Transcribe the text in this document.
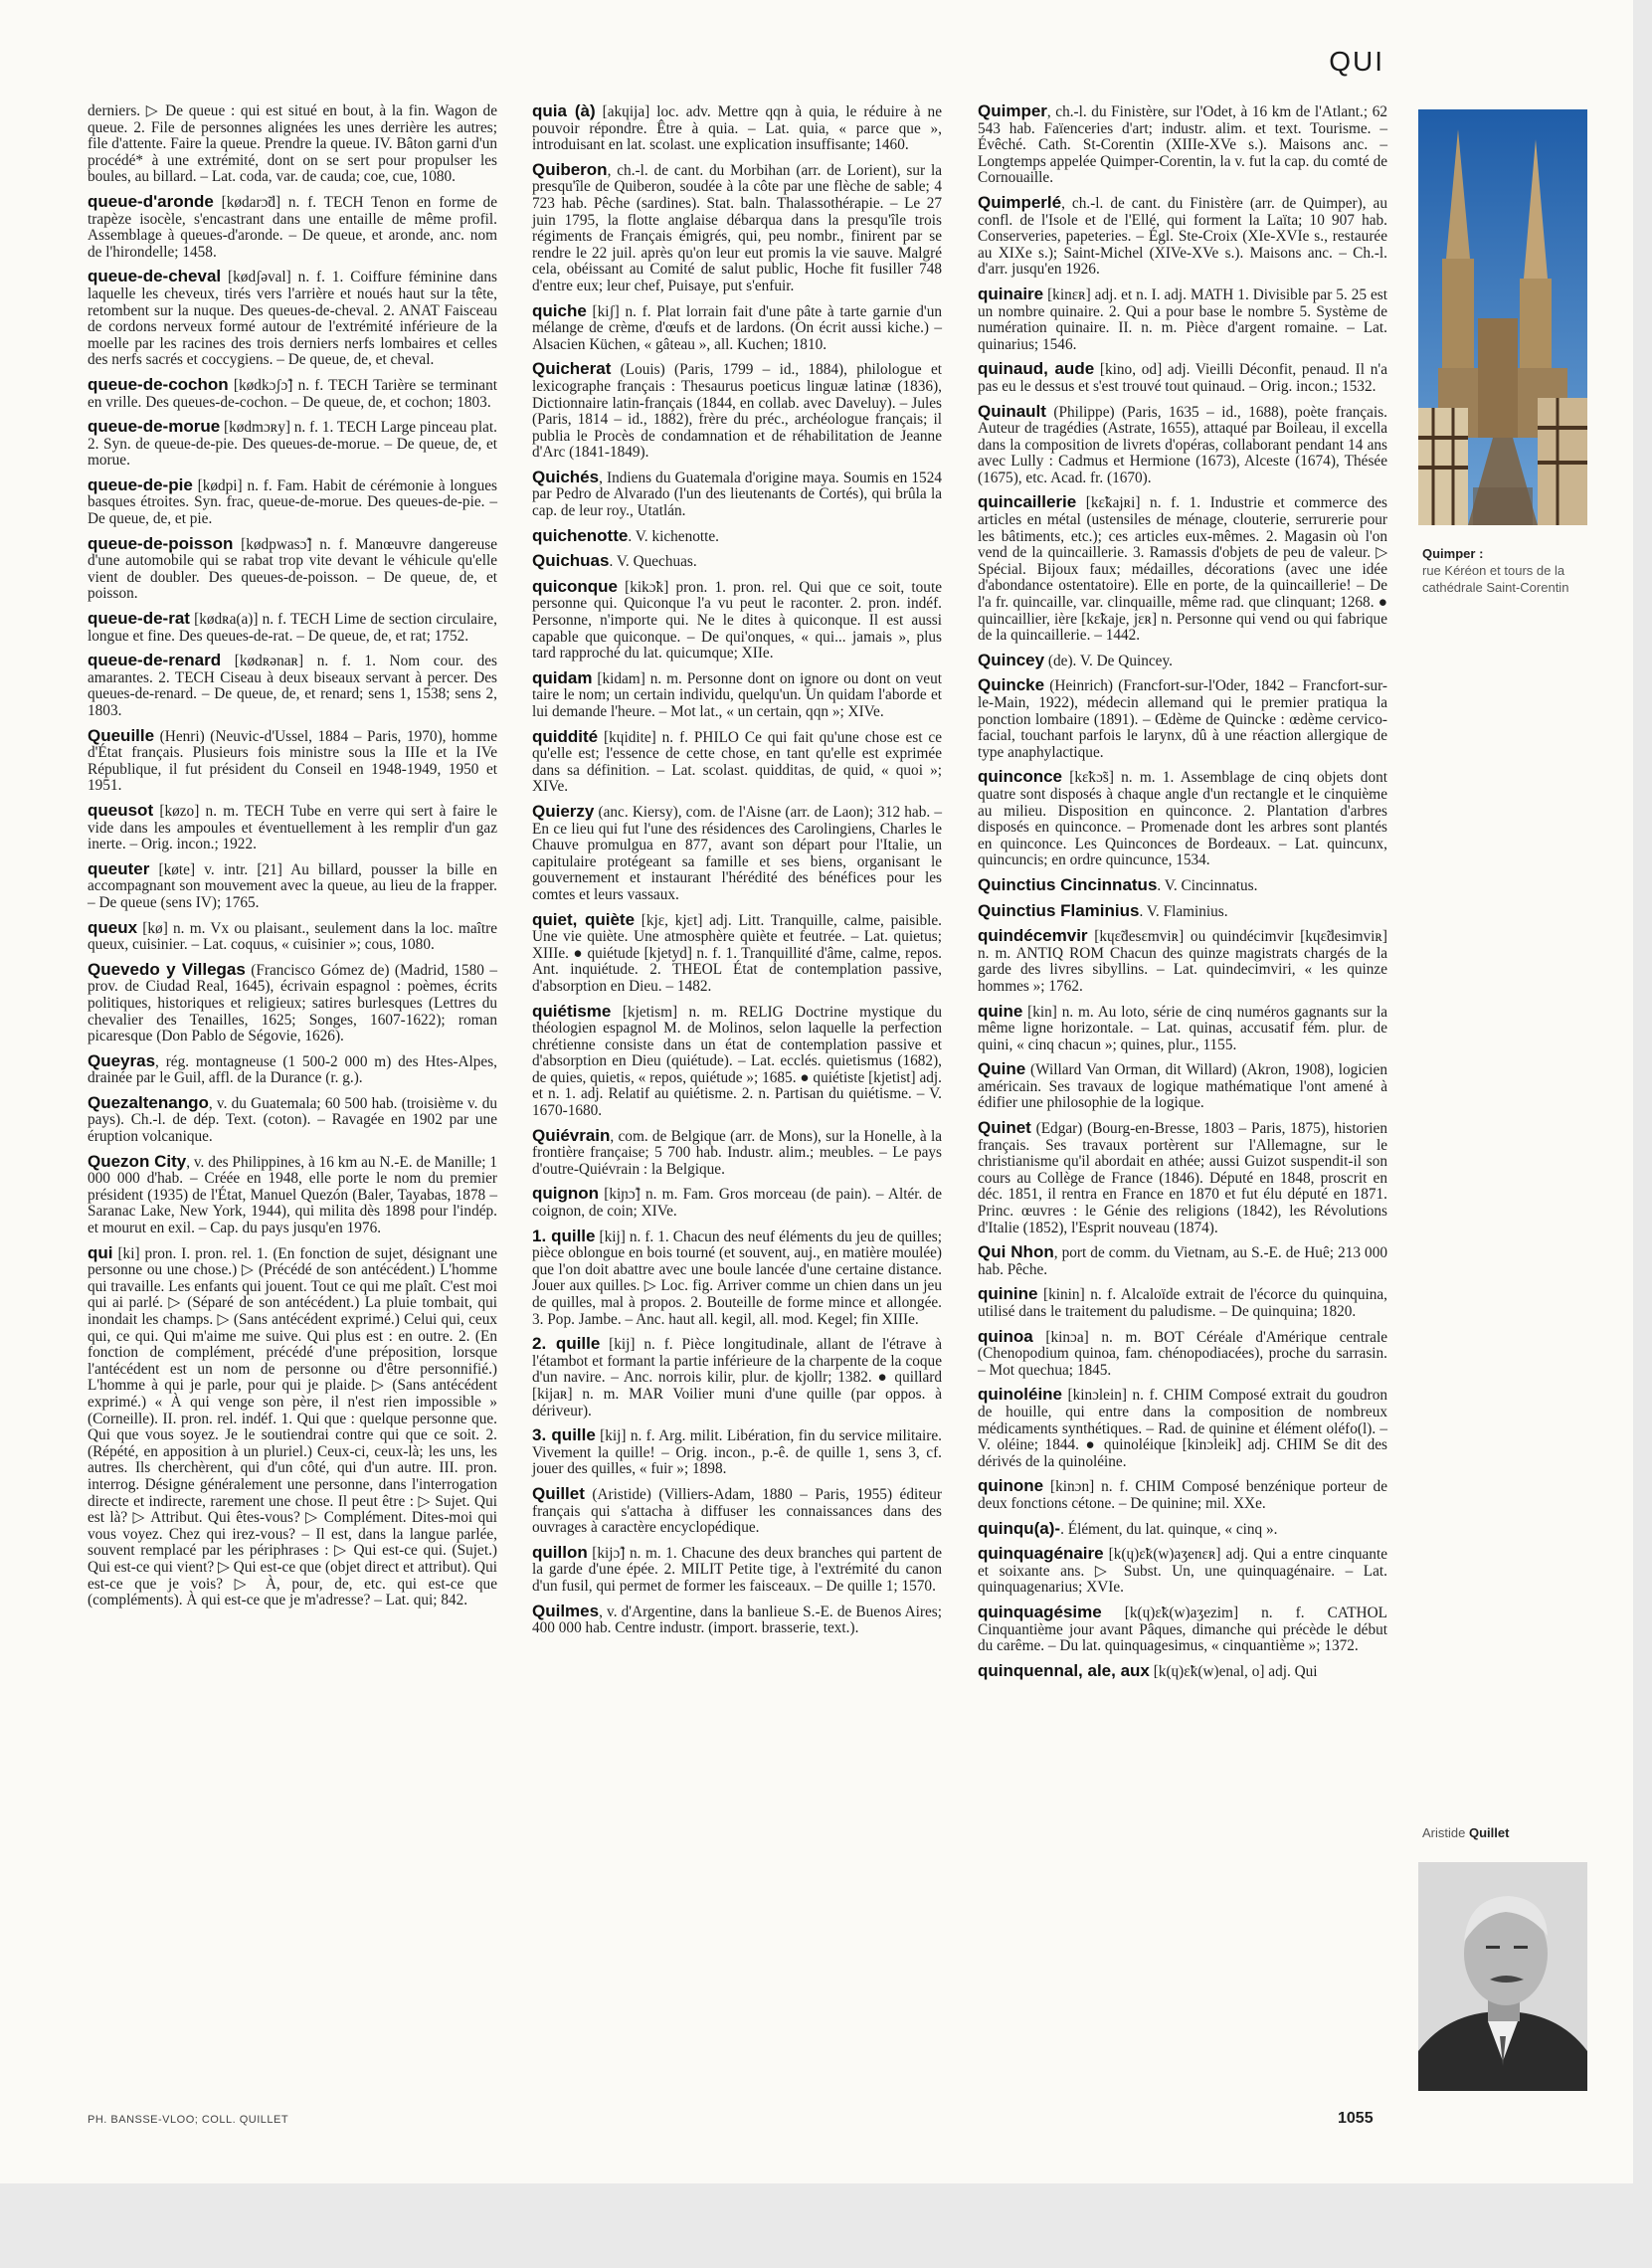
QUI

derniers. ▷ De queue : qui est situé en bout, à la fin. Wagon de queue. 2. File de personnes alignées les unes derrière les autres; file d'attente. Faire la queue. Prendre la queue. IV. Bâton garni d'un procédé* à une extrémité, dont on se sert pour propulser les boules, au billard. – Lat. coda, var. de cauda; coe, cue, 1080.

queue-d'aronde [kødarɔ̃d] n. f. TECH Tenon en forme de trapèze isocèle, s'encastrant dans une entaille de même profil. Assemblage à queues-d'aronde. – De queue, et aronde, anc. nom de l'hirondelle; 1458.

queue-de-cheval [kødʃəval] n. f. 1. Coiffure féminine dans laquelle les cheveux, tirés vers l'arrière et noués haut sur la tête, retombent sur la nuque. Des queues-de-cheval. 2. ANAT Faisceau de cordons nerveux formé autour de l'extrémité inférieure de la moelle par les racines des trois derniers nerfs lombaires et celles des nerfs sacrés et coccygiens. – De queue, de, et cheval.

queue-de-cochon [kødkɔʃɔ̃] n. f. TECH Tarière se terminant en vrille. Des queues-de-cochon. – De queue, de, et cochon; 1803.

queue-de-morue [kødmɔʀy] n. f. 1. TECH Large pinceau plat. 2. Syn. de queue-de-pie. Des queues-de-morue. – De queue, de, et morue.

queue-de-pie [kødpi] n. f. Fam. Habit de cérémonie à longues basques étroites. Syn. frac, queue-de-morue. Des queues-de-pie. – De queue, de, et pie.

queue-de-poisson [kødpwasɔ̃] n. f. Manœuvre dangereuse d'une automobile qui se rabat trop vite devant le véhicule qu'elle vient de doubler. Des queues-de-poisson. – De queue, de, et poisson.

queue-de-rat [kødʀa(a)] n. f. TECH Lime de section circulaire, longue et fine. Des queues-de-rat. – De queue, de, et rat; 1752.

queue-de-renard [kødʀənaʀ] n. f. 1. Nom cour. des amarantes. 2. TECH Ciseau à deux biseaux servant à percer. Des queues-de-renard. – De queue, de, et renard; sens 1, 1538; sens 2, 1803.

Queuille (Henri) (Neuvic-d'Ussel, 1884 – Paris, 1970), homme d'État français. Plusieurs fois ministre sous la IIIe et la IVe République, il fut président du Conseil en 1948-1949, 1950 et 1951.

queusot [køzo] n. m. TECH Tube en verre qui sert à faire le vide dans les ampoules et éventuellement à les remplir d'un gaz inerte. – Orig. incon.; 1922.

queuter [køte] v. intr. [21] Au billard, pousser la bille en accompagnant son mouvement avec la queue, au lieu de la frapper. – De queue (sens IV); 1765.

queux [kø] n. m. Vx ou plaisant., seulement dans la loc. maître queux, cuisinier. – Lat. coquus, « cuisinier »; cous, 1080.

Quevedo y Villegas (Francisco Gómez de) (Madrid, 1580 – prov. de Ciudad Real, 1645), écrivain espagnol : poèmes, écrits politiques, historiques et religieux; satires burlesques (Lettres du chevalier des Tenailles, 1625; Songes, 1607-1622); roman picaresque (Don Pablo de Ségovie, 1626).

Queyras, rég. montagneuse (1 500-2 000 m) des Htes-Alpes, drainée par le Guil, affl. de la Durance (r. g.).

Quezaltenango, v. du Guatemala; 60 500 hab. (troisième v. du pays). Ch.-l. de dép. Text. (coton). – Ravagée en 1902 par une éruption volcanique.

Quezon City, v. des Philippines, à 16 km au N.-E. de Manille; 1 000 000 d'hab. – Créée en 1948, elle porte le nom du premier président (1935) de l'État, Manuel Quezón (Baler, Tayabas, 1878 – Saranac Lake, New York, 1944), qui milita dès 1898 pour l'indép. et mourut en exil. – Cap. du pays jusqu'en 1976.

qui [ki] pron. I. pron. rel. 1. (En fonction de sujet, désignant une personne ou une chose.) ▷ (Précédé de son antécédent.) L'homme qui travaille. Les enfants qui jouent. Tout ce qui me plaît. C'est moi qui ai parlé. ▷ (Séparé de son antécédent.) La pluie tombait, qui inondait les champs. ▷ (Sans antécédent exprimé.) Celui qui, ceux qui, ce qui. Qui m'aime me suive. Qui plus est : en outre. 2. (En fonction de complément, précédé d'une préposition, lorsque l'antécédent est un nom de personne ou d'être personnifié.) L'homme à qui je parle, pour qui je plaide. ▷ (Sans antécédent exprimé.) « À qui venge son père, il n'est rien impossible » (Corneille). II. pron. rel. indéf. 1. Qui que : quelque personne que. Qui que vous soyez. Je le soutiendrai contre qui que ce soit. 2. (Répété, en apposition à un pluriel.) Ceux-ci, ceux-là; les uns, les autres. Ils cherchèrent, qui d'un côté, qui d'un autre. III. pron. interrog. Désigne généralement une personne, dans l'interrogation directe et indirecte, rarement une chose. Il peut être : ▷ Sujet. Qui est là? ▷ Attribut. Qui êtes-vous? ▷ Complément. Dites-moi qui vous voyez. Chez qui irez-vous? – Il est, dans la langue parlée, souvent remplacé par les périphrases : ▷ Qui est-ce qui. (Sujet.) Qui est-ce qui vient? ▷ Qui est-ce que (objet direct et attribut). Qui est-ce que je vois? ▷ À, pour, de, etc. qui est-ce que (compléments). À qui est-ce que je m'adresse? – Lat. qui; 842.

quia (à) [akɥija] loc. adv. Mettre qqn à quia, le réduire à ne pouvoir répondre. Être à quia. – Lat. quia, « parce que », introduisant en lat. scolast. une explication insuffisante; 1460.

Quiberon, ch.-l. de cant. du Morbihan (arr. de Lorient), sur la presqu'île de Quiberon, soudée à la côte par une flèche de sable; 4 723 hab. Pêche (sardines). Stat. baln. Thalassothérapie. – Le 27 juin 1795, la flotte anglaise débarqua dans la presqu'île trois régiments de Français émigrés, qui, peu nombr., finirent par se rendre le 22 juil. après qu'on leur eut promis la vie sauve. Malgré cela, obéissant au Comité de salut public, Hoche fit fusiller 748 d'entre eux; leur chef, Puisaye, put s'enfuir.

quiche [kiʃ] n. f. Plat lorrain fait d'une pâte à tarte garnie d'un mélange de crème, d'œufs et de lardons. (On écrit aussi kiche.) – Alsacien Küchen, « gâteau », all. Kuchen; 1810.

Quicherat (Louis) (Paris, 1799 – id., 1884), philologue et lexicographe français : Thesaurus poeticus linguæ latinæ (1836), Dictionnaire latin-français (1844, en collab. avec Daveluy). – Jules (Paris, 1814 – id., 1882), frère du préc., archéologue français; il publia le Procès de condamnation et de réhabilitation de Jeanne d'Arc (1841-1849).

Quichés, Indiens du Guatemala d'origine maya. Soumis en 1524 par Pedro de Alvarado (l'un des lieutenants de Cortés), qui brûla la cap. de leur roy., Utatlán.

quichenotte. V. kichenotte.

Quichuas. V. Quechuas.

quiconque [kikɔ̃k] pron. 1. pron. rel. Qui que ce soit, toute personne qui. Quiconque l'a vu peut le raconter. 2. pron. indéf. Personne, n'importe qui. Ne le dites à quiconque. Il est aussi capable que quiconque. – De qui'onques, « qui... jamais », plus tard rapproché du lat. quicumque; XIIe.

quidam [kidam] n. m. Personne dont on ignore ou dont on veut taire le nom; un certain individu, quelqu'un. Un quidam l'aborde et lui demande l'heure. – Mot lat., « un certain, qqn »; XIVe.

quiddité [kɥidite] n. f. PHILO Ce qui fait qu'une chose est ce qu'elle est; l'essence de cette chose, en tant qu'elle est exprimée dans sa définition. – Lat. scolast. quidditas, de quid, « quoi »; XIVe.

Quierzy (anc. Kiersy), com. de l'Aisne (arr. de Laon); 312 hab. – En ce lieu qui fut l'une des résidences des Carolingiens, Charles le Chauve promulgua en 877, avant son départ pour l'Italie, un capitulaire protégeant sa famille et ses biens, organisant le gouvernement et instaurant l'hérédité des bénéfices pour les comtes et leurs vassaux.

quiet, quiète [kjɛ, kjɛt] adj. Litt. Tranquille, calme, paisible. Une vie quiète. Une atmosphère quiète et feutrée. – Lat. quietus; XIIIe. ● quiétude [kjetyd] n. f. 1. Tranquillité d'âme, calme, repos. Ant. inquiétude. 2. THEOL État de contemplation passive, d'absorption en Dieu. – 1482.

quiétisme [kjetism] n. m. RELIG Doctrine mystique du théologien espagnol M. de Molinos, selon laquelle la perfection chrétienne consiste dans un état de contemplation passive et d'absorption en Dieu (quiétude). – Lat. ecclés. quietismus (1682), de quies, quietis, « repos, quiétude »; 1685. ● quiétiste [kjetist] adj. et n. 1. adj. Relatif au quiétisme. 2. n. Partisan du quiétisme. – V. 1670-1680.

Quiévrain, com. de Belgique (arr. de Mons), sur la Honelle, à la frontière française; 5 700 hab. Industr. alim.; meubles. – Le pays d'outre-Quiévrain : la Belgique.

quignon [kiɲɔ̃] n. m. Fam. Gros morceau (de pain). – Altér. de coignon, de coin; XIVe.

1. quille [kij] n. f. 1. Chacun des neuf éléments du jeu de quilles; pièce oblongue en bois tourné (et souvent, auj., en matière moulée) que l'on doit abattre avec une boule lancée d'une certaine distance. Jouer aux quilles. ▷ Loc. fig. Arriver comme un chien dans un jeu de quilles, mal à propos. 2. Bouteille de forme mince et allongée. 3. Pop. Jambe. – Anc. haut all. kegil, all. mod. Kegel; fin XIIIe.

2. quille [kij] n. f. Pièce longitudinale, allant de l'étrave à l'étambot et formant la partie inférieure de la charpente de la coque d'un navire. – Anc. norrois kilir, plur. de kjollr; 1382. ● quillard [kijaʀ] n. m. MAR Voilier muni d'une quille (par oppos. à dériveur).

3. quille [kij] n. f. Arg. milit. Libération, fin du service militaire. Vivement la quille! – Orig. incon., p.-ê. de quille 1, sens 3, cf. jouer des quilles, « fuir »; 1898.

Quillet (Aristide) (Villiers-Adam, 1880 – Paris, 1955) éditeur français qui s'attacha à diffuser les connaissances dans des ouvrages à caractère encyclopédique.

quillon [kijɔ̃] n. m. 1. Chacune des deux branches qui partent de la garde d'une épée. 2. MILIT Petite tige, à l'extrémité du canon d'un fusil, qui permet de former les faisceaux. – De quille 1; 1570.

Quilmes, v. d'Argentine, dans la banlieue S.-E. de Buenos Aires; 400 000 hab. Centre industr. (import. brasserie, text.).

Quimper, ch.-l. du Finistère, sur l'Odet, à 16 km de l'Atlant.; 62 543 hab. Faïenceries d'art; industr. alim. et text. Tourisme. – Évêché. Cath. St-Corentin (XIIIe-XVe s.). Maisons anc. – Longtemps appelée Quimper-Corentin, la v. fut la cap. du comté de Cornouaille.

Quimperlé, ch.-l. de cant. du Finistère (arr. de Quimper), au confl. de l'Isole et de l'Ellé, qui forment la Laïta; 10 907 hab. Conserveries, papeteries. – Égl. Ste-Croix (XIe-XVIe s., restaurée au XIXe s.); Saint-Michel (XIVe-XVe s.). Maisons anc. – Ch.-l. d'arr. jusqu'en 1926.

quinaire [kinɛʀ] adj. et n. I. adj. MATH 1. Divisible par 5. 25 est un nombre quinaire. 2. Qui a pour base le nombre 5. Système de numération quinaire. II. n. m. Pièce d'argent romaine. – Lat. quinarius; 1546.

quinaud, aude [kino, od] adj. Vieilli Déconfit, penaud. Il n'a pas eu le dessus et s'est trouvé tout quinaud. – Orig. incon.; 1532.

Quinault (Philippe) (Paris, 1635 – id., 1688), poète français. Auteur de tragédies (Astrate, 1655), attaqué par Boileau, il excella dans la composition de livrets d'opéras, collaborant pendant 14 ans avec Lully : Cadmus et Hermione (1673), Alceste (1674), Thésée (1675), etc. Acad. fr. (1670).

quincaillerie [kɛ̃kajʀi] n. f. 1. Industrie et commerce des articles en métal (ustensiles de ménage, clouterie, serrurerie pour les bâtiments, etc.); ces articles eux-mêmes. 2. Magasin où l'on vend de la quincaillerie. 3. Ramassis d'objets de peu de valeur. ▷ Spécial. Bijoux faux; médailles, décorations (avec une idée d'abondance ostentatoire). Elle en porte, de la quincaillerie! – De l'a fr. quincaille, var. clinquaille, même rad. que clinquant; 1268. ● quincaillier, ière [kɛ̃kaje, jɛʀ] n. Personne qui vend ou qui fabrique de la quincaillerie. – 1442.

Quincey (de). V. De Quincey.

Quincke (Heinrich) (Francfort-sur-l'Oder, 1842 – Francfort-sur-le-Main, 1922), médecin allemand qui le premier pratiqua la ponction lombaire (1891). – Œdème de Quincke : œdème cervico-facial, touchant parfois le larynx, dû à une réaction allergique de type anaphylactique.

quinconce [kɛ̃kɔ̃s] n. m. 1. Assemblage de cinq objets dont quatre sont disposés à chaque angle d'un rectangle et le cinquième au milieu. Disposition en quinconce. 2. Plantation d'arbres disposés en quinconce. – Promenade dont les arbres sont plantés en quinconce. Les Quinconces de Bordeaux. – Lat. quincunx, quincuncis; en ordre quincunce, 1534.

Quinctius Cincinnatus. V. Cincinnatus.

Quinctius Flaminius. V. Flaminius.

quindécemvir [kɥɛ̃desɛmviʀ] ou quindécimvir [kɥɛ̃desimviʀ] n. m. ANTIQ ROM Chacun des quinze magistrats chargés de la garde des livres sibyllins. – Lat. quindecimviri, « les quinze hommes »; 1762.

quine [kin] n. m. Au loto, série de cinq numéros gagnants sur la même ligne horizontale. – Lat. quinas, accusatif fém. plur. de quini, « cinq chacun »; quines, plur., 1155.

Quine (Willard Van Orman, dit Willard) (Akron, 1908), logicien américain. Ses travaux de logique mathématique l'ont amené à édifier une philosophie de la logique.

Quinet (Edgar) (Bourg-en-Bresse, 1803 – Paris, 1875), historien français. Ses travaux portèrent sur l'Allemagne, sur le christianisme qu'il abordait en athée; aussi Guizot suspendit-il son cours au Collège de France (1846). Député en 1848, proscrit en déc. 1851, il rentra en France en 1870 et fut élu député en 1871. Princ. œuvres : le Génie des religions (1842), les Révolutions d'Italie (1852), l'Esprit nouveau (1874).

Qui Nhon, port de comm. du Vietnam, au S.-E. de Huê; 213 000 hab. Pêche.

quinine [kinin] n. f. Alcaloïde extrait de l'écorce du quinquina, utilisé dans le traitement du paludisme. – De quinquina; 1820.

quinoa [kinɔa] n. m. BOT Céréale d'Amérique centrale (Chenopodium quinoa, fam. chénopodiacées), proche du sarrasin. – Mot quechua; 1845.

quinoléine [kinɔlein] n. f. CHIM Composé extrait du goudron de houille, qui entre dans la composition de nombreux médicaments synthétiques. – Rad. de quinine et élément oléfo(l). – V. oléine; 1844. ● quinoléique [kinɔleik] adj. CHIM Se dit des dérivés de la quinoléine.

quinone [kinɔn] n. f. CHIM Composé benzénique porteur de deux fonctions cétone. – De quinine; mil. XXe.

quinqu(a)-. Élément, du lat. quinque, « cinq ».

quinquagénaire [k(ɥ)ɛ̃k(w)aʒenɛʀ] adj. Qui a entre cinquante et soixante ans. ▷ Subst. Un, une quinquagénaire. – Lat. quinquagenarius; XVIe.

quinquagésime [k(ɥ)ɛ̃k(w)aʒezim] n. f. CATHOL Cinquantième jour avant Pâques, dimanche qui précède le début du carême. – Du lat. quinquagesimus, « cinquantième »; 1372.

quinquennal, ale, aux [k(ɥ)ɛ̃k(w)enal, o] adj. Qui

Quimper :
rue Kéréon et tours de la cathédrale Saint-Corentin
Aristide Quillet
PH. BANSSE-VLOO; COLL. QUILLET	1055
